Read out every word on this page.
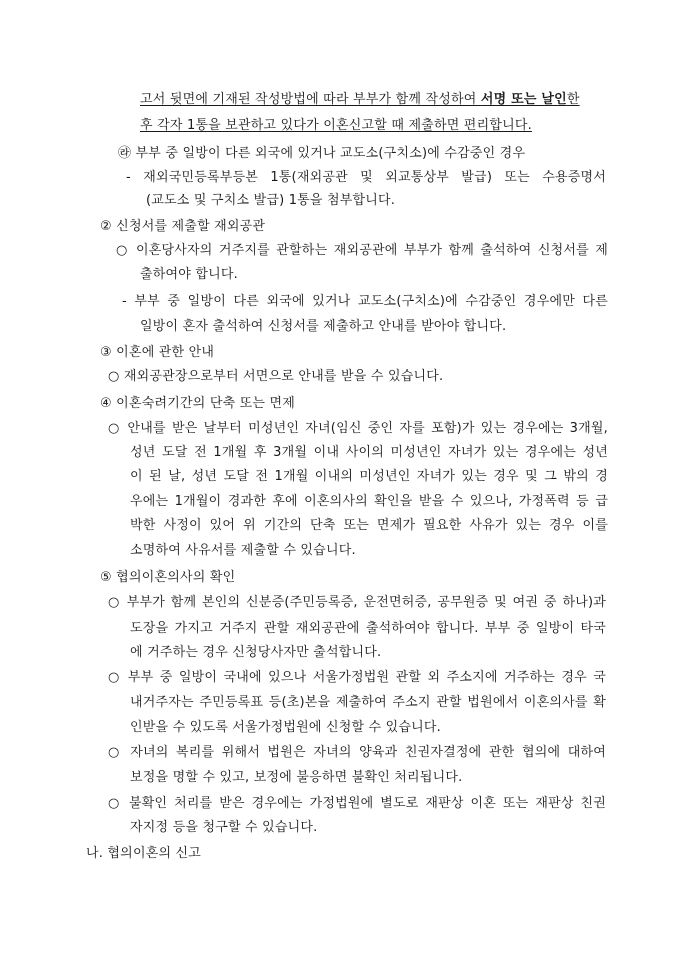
고서 뒷면에 기재된 작성방법에 따라 부부가 함께 작성하여 서명 또는 날인한
후 각자 1통을 보관하고 있다가 이혼신고할 때 제출하면 편리합니다.
㉱ 부부 중 일방이 다른 외국에 있거나 교도소(구치소)에 수감중인 경우
- 재외국민등록부등본 1통(재외공관 및 외교통상부 발급) 또는 수용증명서
(교도소 및 구치소 발급) 1통을 첨부합니다.
② 신청서를 제출할 재외공관
○ 이혼당사자의 거주지를 관할하는 재외공관에 부부가 함께 출석하여 신청서를 제
출하여야 합니다.
- 부부 중 일방이 다른 외국에 있거나 교도소(구치소)에 수감중인 경우에만 다른
일방이 혼자 출석하여 신청서를 제출하고 안내를 받아야 합니다.
③ 이혼에 관한 안내
○ 재외공관장으로부터 서면으로 안내를 받을 수 있습니다.
④ 이혼숙려기간의 단축 또는 면제
○ 안내를 받은 날부터 미성년인 자녀(임신 중인 자를 포함)가 있는 경우에는 3개월,
성년 도달 전 1개월 후 3개월 이내 사이의 미성년인 자녀가 있는 경우에는 성년
이 된 날, 성년 도달 전 1개월 이내의 미성년인 자녀가 있는 경우 및 그 밖의 경
우에는 1개월이 경과한 후에 이혼의사의 확인을 받을 수 있으나, 가정폭력 등 급
박한 사정이 있어 위 기간의 단축 또는 면제가 필요한 사유가 있는 경우 이를
소명하여 사유서를 제출할 수 있습니다.
⑤ 협의이혼의사의 확인
○ 부부가 함께 본인의 신분증(주민등록증, 운전면허증, 공무원증 및 여권 중 하나)과
도장을 가지고 거주지 관할 재외공관에 출석하여야 합니다. 부부 중 일방이 타국
에 거주하는 경우 신청당사자만 출석합니다.
○ 부부 중 일방이 국내에 있으나 서울가정법원 관할 외 주소지에 거주하는 경우 국
내거주자는 주민등록표 등(초)본을 제출하여 주소지 관할 법원에서 이혼의사를 확
인받을 수 있도록 서울가정법원에 신청할 수 있습니다.
○ 자녀의 복리를 위해서 법원은 자녀의 양육과 친권자결정에 관한 협의에 대하여
보정을 명할 수 있고, 보정에 불응하면 불확인 처리됩니다.
○ 불확인 처리를 받은 경우에는 가정법원에 별도로 재판상 이혼 또는 재판상 친권
자지정 등을 청구할 수 있습니다.
나. 협의이혼의 신고
